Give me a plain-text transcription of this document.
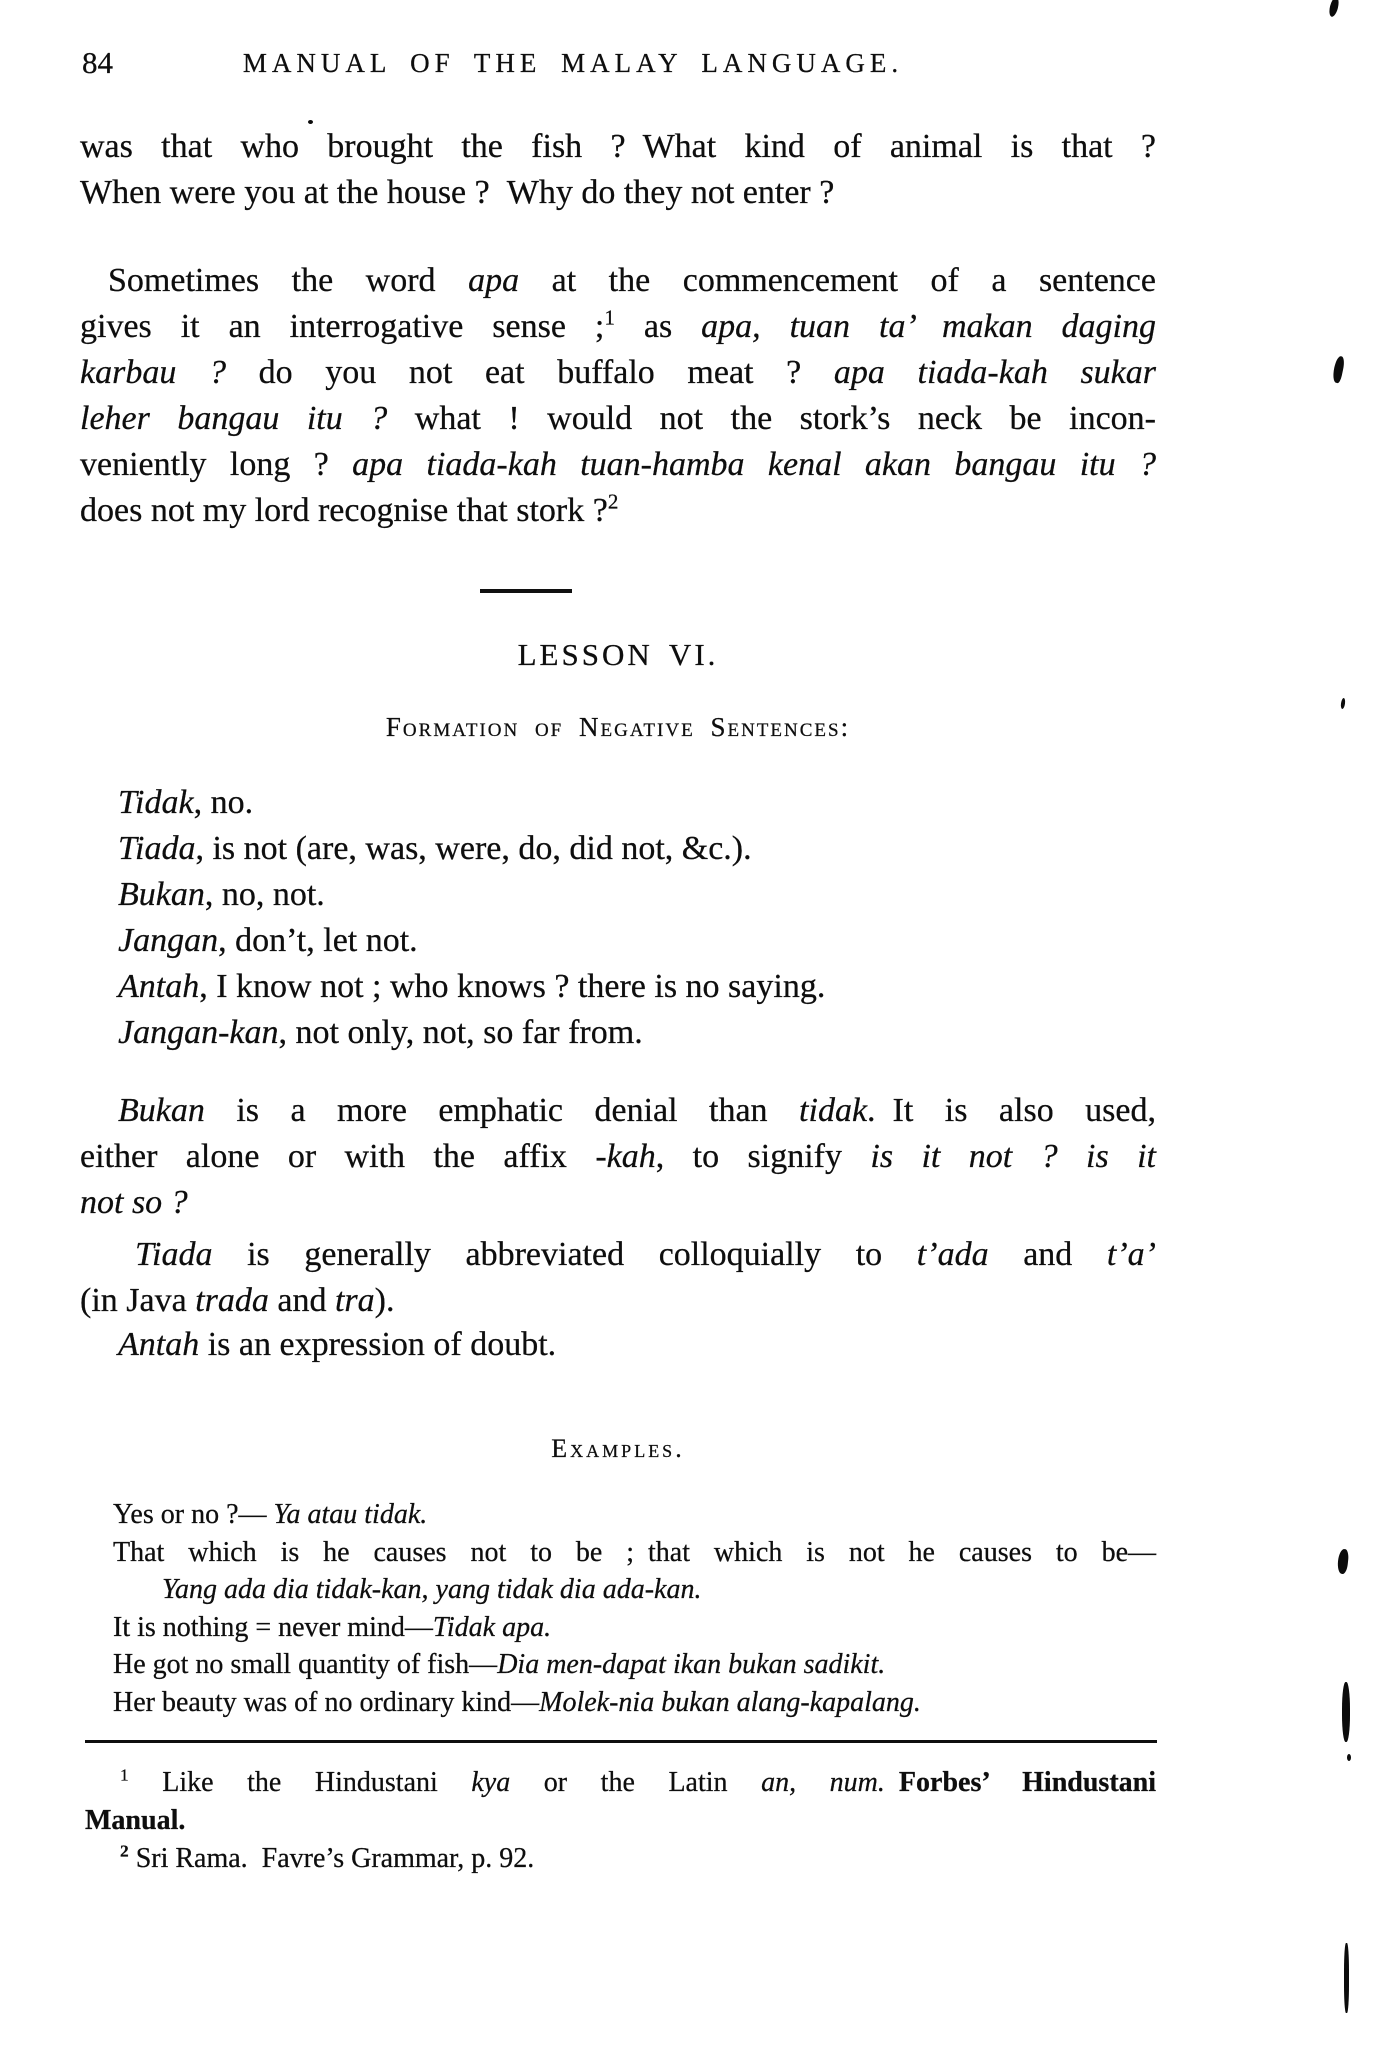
84	MANUAL OF THE MALAY LANGUAGE.
was that who brought the fish ? What kind of animal is that ?
When were you at the house ? Why do they not enter ?
Sometimes the word apa at the commencement of a sentence
gives it an interrogative sense ;$^1$ as apa, tuan ta’ makan daging
karbau ? do you not eat buffalo meat ? apa tiada-kah sukar
leher bangau itu ? what ! would not the stork’s neck be incon-
veniently long ? apa tiada-kah tuan-hamba kenal akan bangau itu ?
does not my lord recognise that stork ?$^2$
LESSON VI.
Formation of Negative Sentences:
Tidak, no.
Tiada, is not (are, was, were, do, did not, &c.).
Bukan, no, not.
Jangan, don’t, let not.
Antah, I know not ; who knows ? there is no saying.
Jangan-kan, not only, not, so far from.
Bukan is a more emphatic denial than tidak. It is also used,
either alone or with the affix -kah, to signify is it not ? is it
not so ?
Tiada is generally abbreviated colloquially to t’ada and t’a’
(in Java trada and tra).
Antah is an expression of doubt.
Examples.
Yes or no ?— Ya atau tidak.
That which is he causes not to be ; that which is not he causes to be—
Yang ada dia tidak-kan, yang tidak dia ada-kan.
It is nothing = never mind—Tidak apa.
He got no small quantity of fish—Dia men-dapat ikan bukan sadikit.
Her beauty was of no ordinary kind—Molek-nia bukan alang-kapalang.
$^1$ Like the Hindustani kya or the Latin an, num.  Forbes’ Hindustani
Manual.
$^2$ Sri Rama. Favre’s Grammar, p. 92.
